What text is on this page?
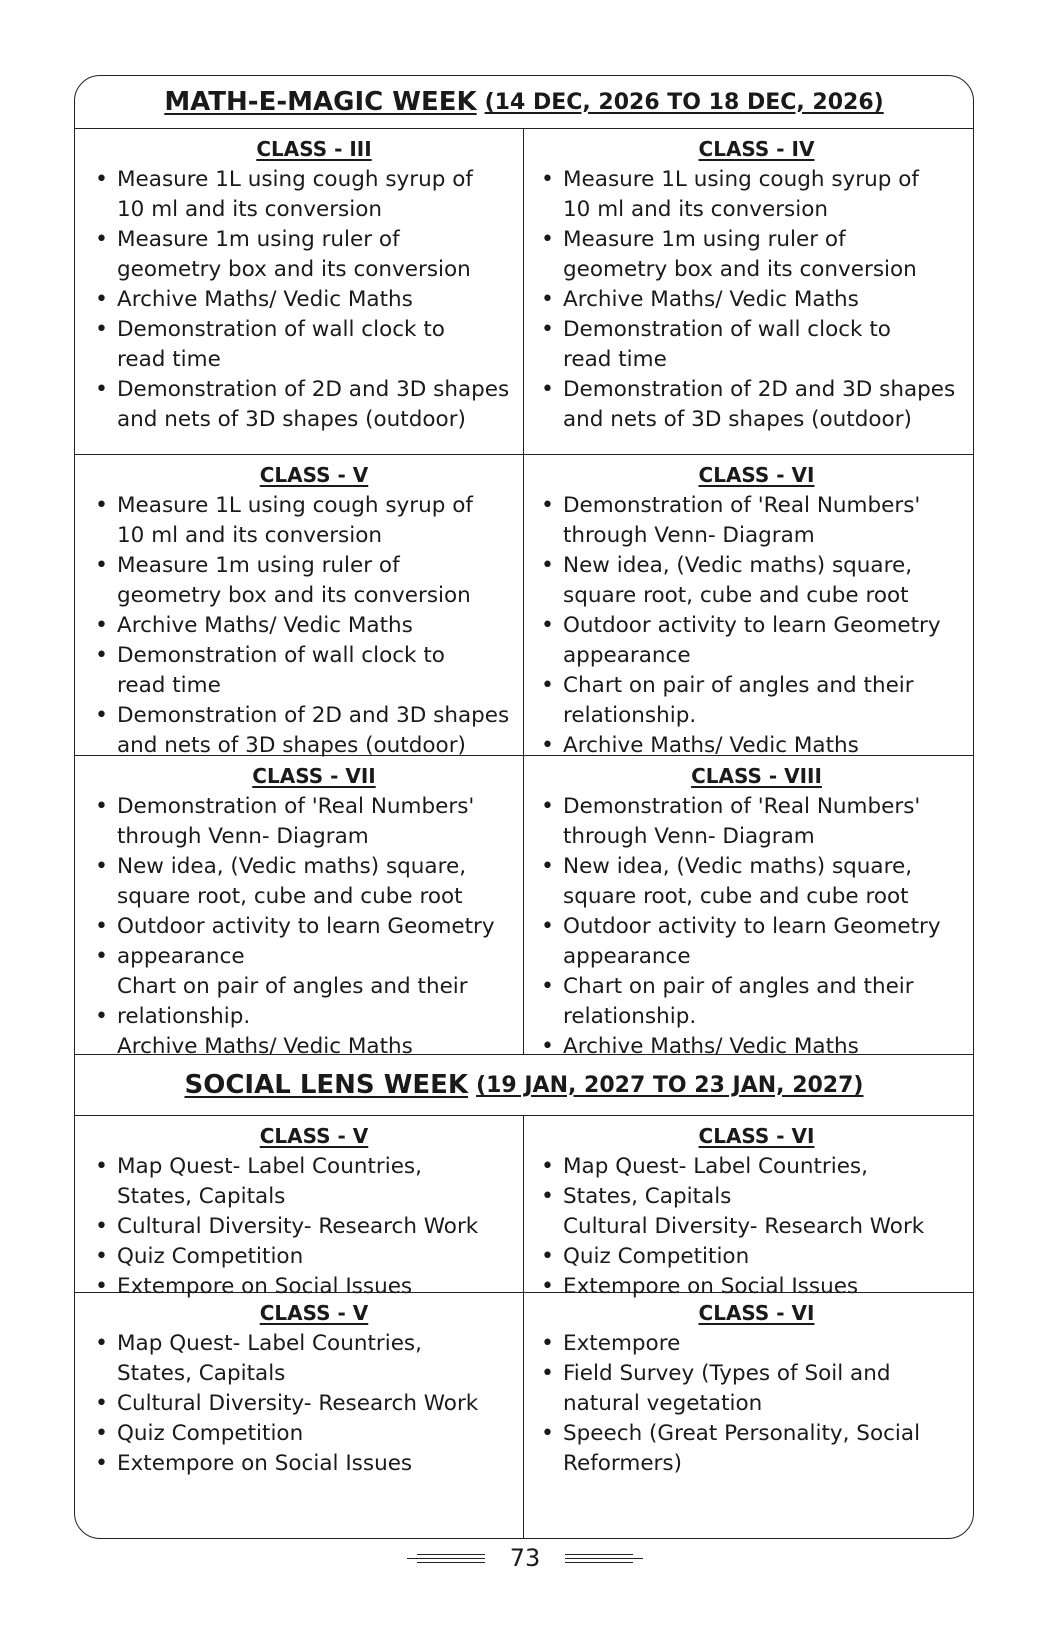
MATH-E-MAGIC WEEK (14 DEC, 2026 TO 18 DEC, 2026)
CLASS - III
• Measure 1L using cough syrup of
10 ml and its conversion
• Measure 1m using ruler of
geometry box and its conversion
• Archive Maths/ Vedic Maths
• Demonstration of wall clock to
read time
• Demonstration of 2D and 3D shapes
and nets of 3D shapes (outdoor)
CLASS - IV
• Measure 1L using cough syrup of
10 ml and its conversion
• Measure 1m using ruler of
geometry box and its conversion
• Archive Maths/ Vedic Maths
• Demonstration of wall clock to
read time
• Demonstration of 2D and 3D shapes
and nets of 3D shapes (outdoor)
CLASS - V
• Measure 1L using cough syrup of
10 ml and its conversion
• Measure 1m using ruler of
geometry box and its conversion
• Archive Maths/ Vedic Maths
• Demonstration of wall clock to
read time
• Demonstration of 2D and 3D shapes
and nets of 3D shapes (outdoor)
CLASS - VI
• Demonstration of 'Real Numbers'
through Venn- Diagram
• New idea, (Vedic maths) square,
square root, cube and cube root
• Outdoor activity to learn Geometry
appearance
• Chart on pair of angles and their
relationship.
• Archive Maths/ Vedic Maths
CLASS - VII
• Demonstration of 'Real Numbers'
through Venn- Diagram
• New idea, (Vedic maths) square,
square root, cube and cube root
• Outdoor activity to learn Geometry
• appearance
Chart on pair of angles and their
• relationship.
Archive Maths/ Vedic Maths
CLASS - VIII
• Demonstration of 'Real Numbers'
through Venn- Diagram
• New idea, (Vedic maths) square,
square root, cube and cube root
• Outdoor activity to learn Geometry
appearance
• Chart on pair of angles and their
relationship.
• Archive Maths/ Vedic Maths
SOCIAL LENS WEEK (19 JAN, 2027 TO 23 JAN, 2027)
CLASS - V
• Map Quest- Label Countries,
States, Capitals
• Cultural Diversity- Research Work
• Quiz Competition
• Extempore on Social Issues
CLASS - VI
• Map Quest- Label Countries,
• States, Capitals
Cultural Diversity- Research Work
• Quiz Competition
• Extempore on Social Issues
CLASS - V
• Map Quest- Label Countries,
States, Capitals
• Cultural Diversity- Research Work
• Quiz Competition
• Extempore on Social Issues
CLASS - VI
• Extempore
• Field Survey (Types of Soil and
natural vegetation
• Speech (Great Personality, Social
Reformers)
73
